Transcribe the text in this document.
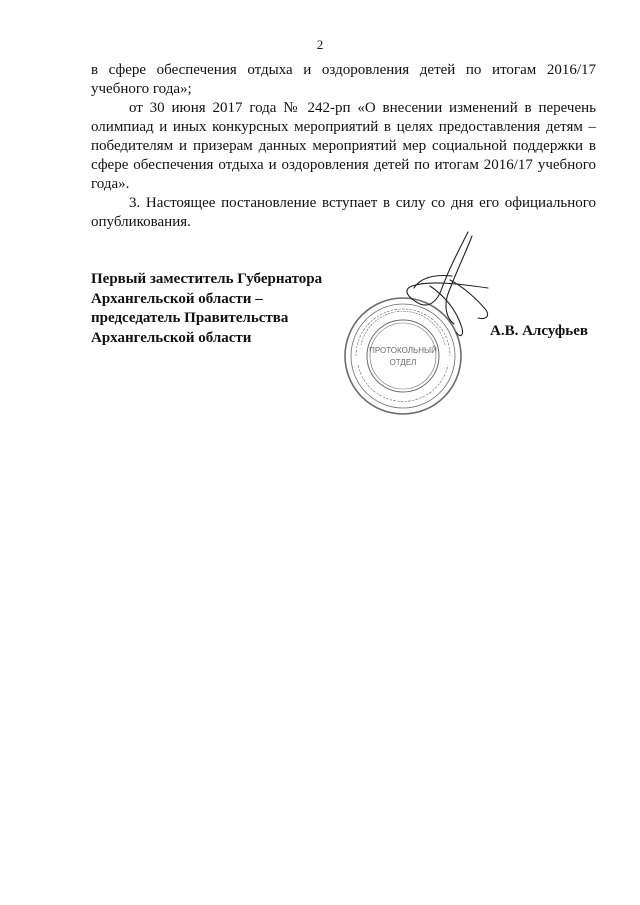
2

в сфере обеспечения отдыха и оздоровления детей по итогам 2016/17 учебного года»;

от 30 июня 2017 года № 242-рп «О внесении изменений в перечень олимпиад и иных конкурсных мероприятий в целях предоставления детям – победителям и призерам данных мероприятий мер социальной поддержки в сфере обеспечения отдыха и оздоровления детей по итогам 2016/17 учебного года».

3. Настоящее постановление вступает в силу со дня его официального опубликования.

Первый заместитель Губернатора
Архангельской области –
председатель Правительства
Архангельской области
ПРОТОКОЛЬНЫЙ
ОТДЕЛ
А.В. Алсуфьев
